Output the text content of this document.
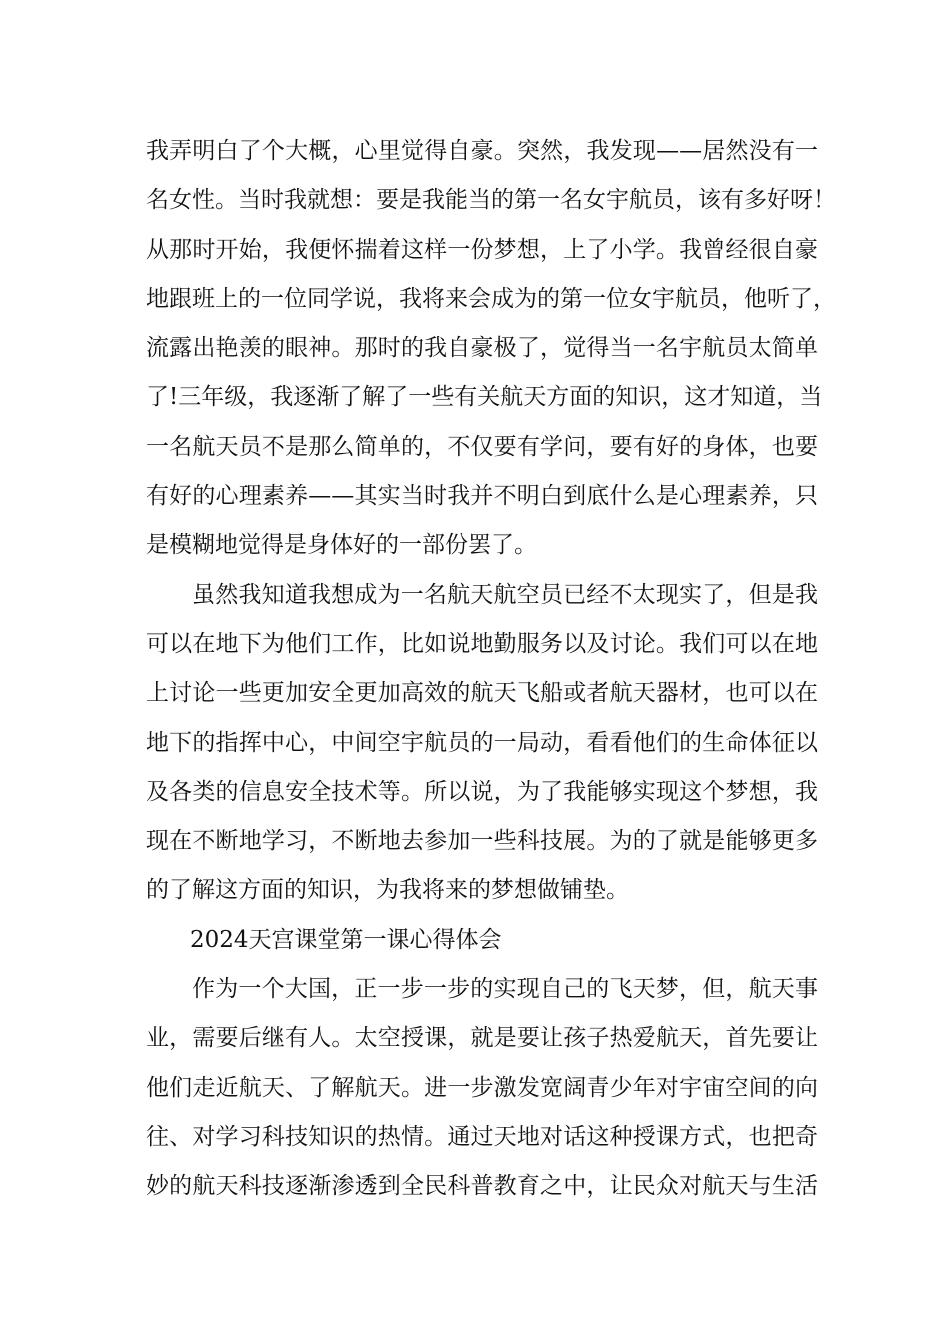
我弄明白了个大概，心里觉得自豪。突然，我发现——居然没有一
名女性。当时我就想：要是我能当的第一名女宇航员，该有多好呀！
从那时开始，我便怀揣着这样一份梦想，上了小学。我曾经很自豪
地跟班上的一位同学说，我将来会成为的第一位女宇航员，他听了，
流露出艳羡的眼神。那时的我自豪极了，觉得当一名宇航员太简单
了!三年级，我逐渐了解了一些有关航天方面的知识，这才知道，当
一名航天员不是那么简单的，不仅要有学问，要有好的身体，也要
有好的心理素养——其实当时我并不明白到底什么是心理素养，只
是模糊地觉得是身体好的一部份罢了。
虽然我知道我想成为一名航天航空员已经不太现实了，但是我
可以在地下为他们工作，比如说地勤服务以及讨论。我们可以在地
上讨论一些更加安全更加高效的航天飞船或者航天器材，也可以在
地下的指挥中心，中间空宇航员的一局动，看看他们的生命体征以
及各类的信息安全技术等。所以说，为了我能够实现这个梦想，我
现在不断地学习，不断地去参加一些科技展。为的了就是能够更多
的了解这方面的知识，为我将来的梦想做铺垫。
2024天宫课堂第一课心得体会
作为一个大国，正一步一步的实现自己的飞天梦，但，航天事
业，需要后继有人。太空授课，就是要让孩子热爱航天，首先要让
他们走近航天、了解航天。进一步激发宽阔青少年对宇宙空间的向
往、对学习科技知识的热情。通过天地对话这种授课方式，也把奇
妙的航天科技逐渐渗透到全民科普教育之中，让民众对航天与生活
